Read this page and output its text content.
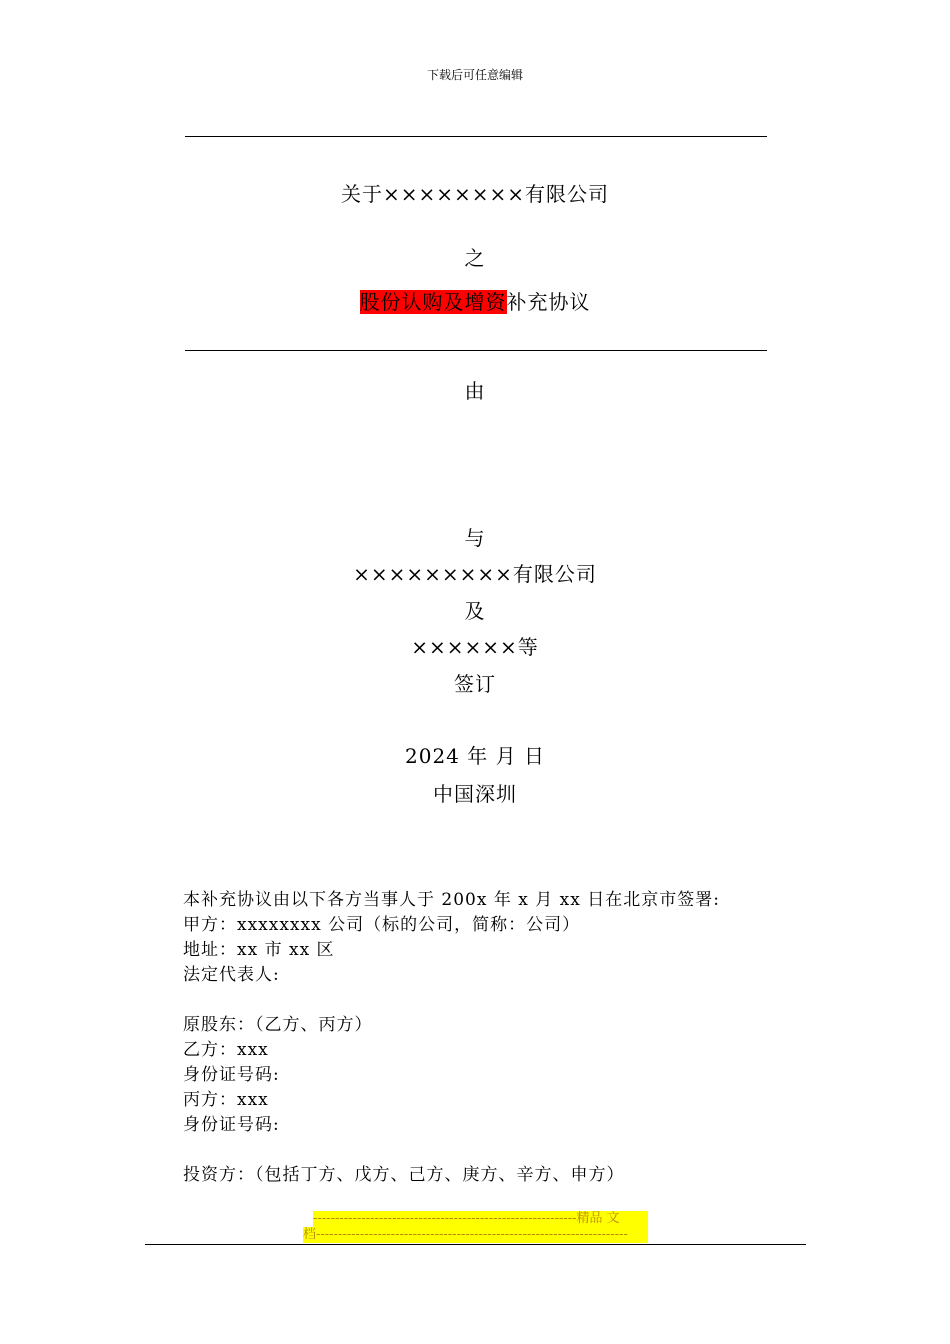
下载后可任意编辑
关于××××××××有限公司
之
股份认购及增资补充协议
由
与
×××××××××有限公司
及
××××××等
签订
2024 年 月 日
中国深圳
本补充协议由以下各方当事人于 200x 年 x 月 xx 日在北京市签署:
甲方：xxxxxxxx 公司（标的公司，简称：公司）
地址：xx 市 xx 区
法定代表人:
原股东：（乙方、丙方）
乙方：xxx
身份证号码:
丙方：xxx
身份证号码:
投资方：（包括丁方、戊方、己方、庚方、辛方、申方）
------------------------------------------------------------精品 文
档-----------------------------------------------------------------------
